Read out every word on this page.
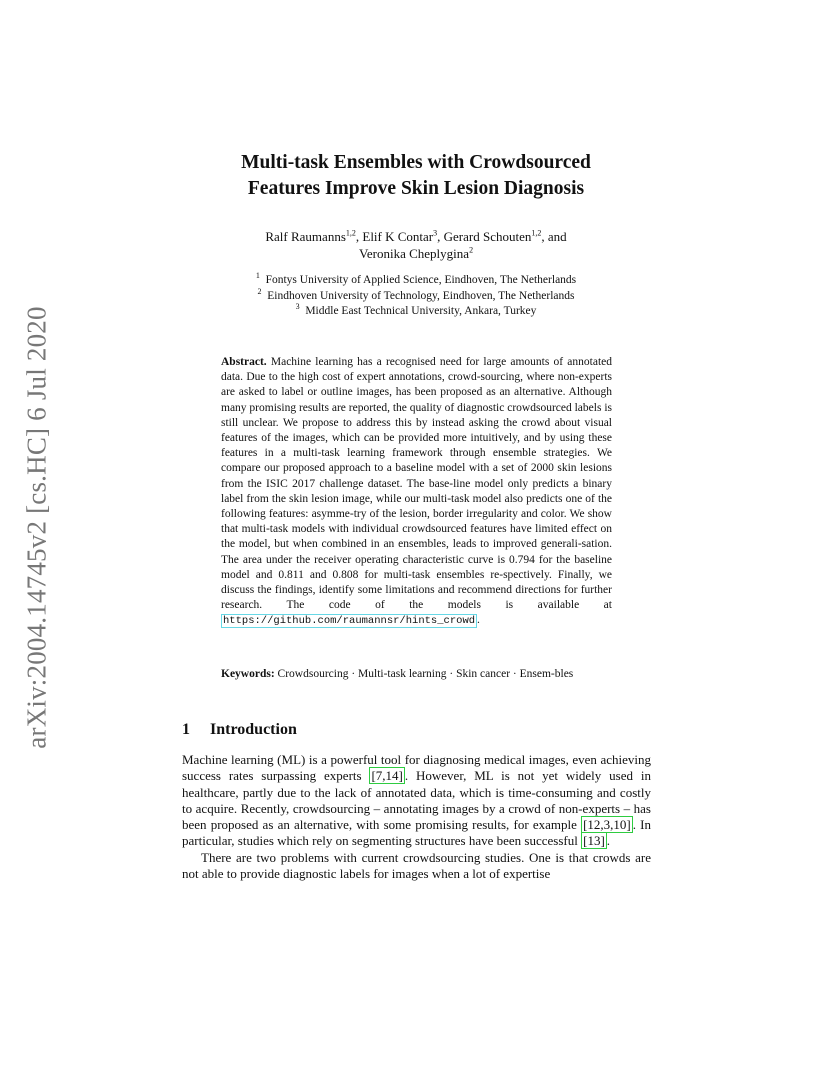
arXiv:2004.14745v2 [cs.HC] 6 Jul 2020
Multi-task Ensembles with Crowdsourced
Features Improve Skin Lesion Diagnosis
Ralf Raumanns$^{1,2}$, Elif K Contar$^3$, Gerard Schouten$^{1,2}$, and
Veronika Cheplygina$^2$
$^1$ Fontys University of Applied Science, Eindhoven, The Netherlands
$^2$ Eindhoven University of Technology, Eindhoven, The Netherlands
$^3$ Middle East Technical University, Ankara, Turkey
Abstract. Machine learning has a recognised need for large amounts of annotated data. Due to the high cost of expert annotations, crowd-sourcing, where non-experts are asked to label or outline images, has been proposed as an alternative. Although many promising results are reported, the quality of diagnostic crowdsourced labels is still unclear. We propose to address this by instead asking the crowd about visual features of the images, which can be provided more intuitively, and by using these features in a multi-task learning framework through ensemble strategies. We compare our proposed approach to a baseline model with a set of 2000 skin lesions from the ISIC 2017 challenge dataset. The base-line model only predicts a binary label from the skin lesion image, while our multi-task model also predicts one of the following features: asymme-try of the lesion, border irregularity and color. We show that multi-task models with individual crowdsourced features have limited effect on the model, but when combined in an ensembles, leads to improved generali-sation. The area under the receiver operating characteristic curve is 0.794 for the baseline model and 0.811 and 0.808 for multi-task ensembles re-spectively. Finally, we discuss the findings, identify some limitations and recommend directions for further research. The code of the models is available at https://github.com/raumannsr/hints_crowd .
Keywords: Crowdsourcing · Multi-task learning · Skin cancer · Ensem-bles
1 Introduction

Machine learning (ML) is a powerful tool for diagnosing medical images, even achieving success rates surpassing experts [7,14] . However, ML is not yet widely used in healthcare, partly due to the lack of annotated data, which is time-consuming and costly to acquire. Recently, crowdsourcing – annotating images by a crowd of non-experts – has been proposed as an alternative, with some promising results, for example [12,3,10] . In particular, studies which rely on segmenting structures have been successful [13] .

There are two problems with current crowdsourcing studies. One is that crowds are not able to provide diagnostic labels for images when a lot of expertise
